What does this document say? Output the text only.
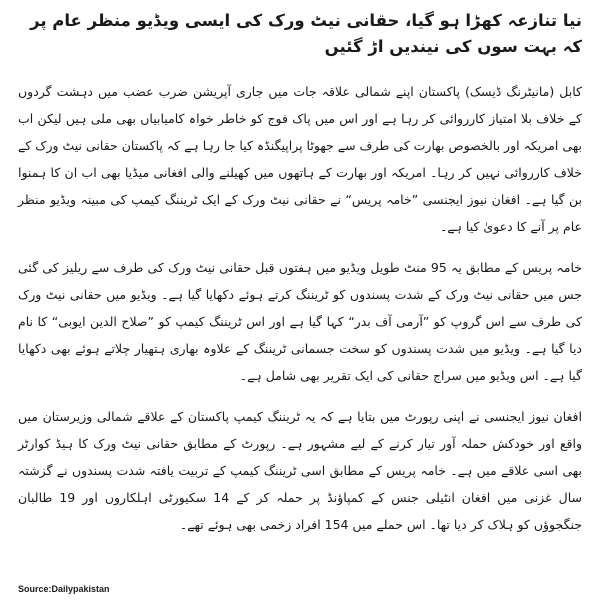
نیا تنازعہ کھڑا ہو گیا، حقانی نیٹ ورک کی ایسی ویڈیو منظر عام پر کہ بہت سوں کی نیندیں اڑ گئیں

کابل (مانیٹرنگ ڈیسک) پاکستان اپنے شمالی علاقہ جات میں جاری آپریشن ضرب عضب میں دہشت گردوں کے خلاف بلا امتیاز کارروائی کر رہا ہے اور اس میں پاک فوج کو خاطر خواہ کامیابیاں بھی ملی ہیں لیکن اب بھی امریکہ اور بالخصوص بھارت کی طرف سے جھوٹا پراپیگنڈہ کیا جا رہا ہے کہ پاکستان حقانی نیٹ ورک کے خلاف کارروائی نہیں کر رہا۔ امریکہ اور بھارت کے ہاتھوں میں کھیلنے والی افغانی میڈیا بھی اب ان کا ہمنوا بن گیا ہے۔ افغان نیوز ایجنسی ”خامہ پریس“ نے حقانی نیٹ ورک کے ایک ٹریننگ کیمپ کی مبینہ ویڈیو منظر عام پر آنے کا دعویٰ کیا ہے۔

خامہ پریس کے مطابق یہ 95 منٹ طویل ویڈیو میں ہفتوں قبل حقانی نیٹ ورک کی طرف سے ریلیز کی گئی جس میں حقانی نیٹ ورک کے شدت پسندوں کو ٹریننگ کرتے ہوئے دکھایا گیا ہے۔ ویڈیو میں حقانی نیٹ ورک کی طرف سے اس گروپ کو ”آرمی آف بدر“ کہا گیا ہے اور اس ٹریننگ کیمپ کو ”صلاح الدین ایوبی“ کا نام دیا گیا ہے۔ ویڈیو میں شدت پسندوں کو سخت جسمانی ٹریننگ کے علاوہ بھاری ہتھیار چلاتے ہوئے بھی دکھایا گیا ہے۔ اس ویڈیو میں سراج حقانی کی ایک تقریر بھی شامل ہے۔

افغان نیوز ایجنسی نے اپنی رپورٹ میں بتایا ہے کہ یہ ٹریننگ کیمپ پاکستان کے علاقے شمالی وزیرستان میں واقع اور خودکش حملہ آور تیار کرنے کے لیے مشہور ہے۔ رپورٹ کے مطابق حقانی نیٹ ورک کا ہیڈ کوارٹر بھی اسی علاقے میں ہے۔ خامہ پریس کے مطابق اسی ٹریننگ کیمپ کے تربیت یافتہ شدت پسندوں نے گزشتہ سال غزنی میں افغان انٹیلی جنس کے کمپاؤنڈ پر حملہ کر کے 14 سکیورٹی اہلکاروں اور 19 طالبان جنگجوؤں کو ہلاک کر دیا تھا۔ اس حملے میں 154 افراد زخمی بھی ہوئے تھے۔

Source:Dailypakistan
